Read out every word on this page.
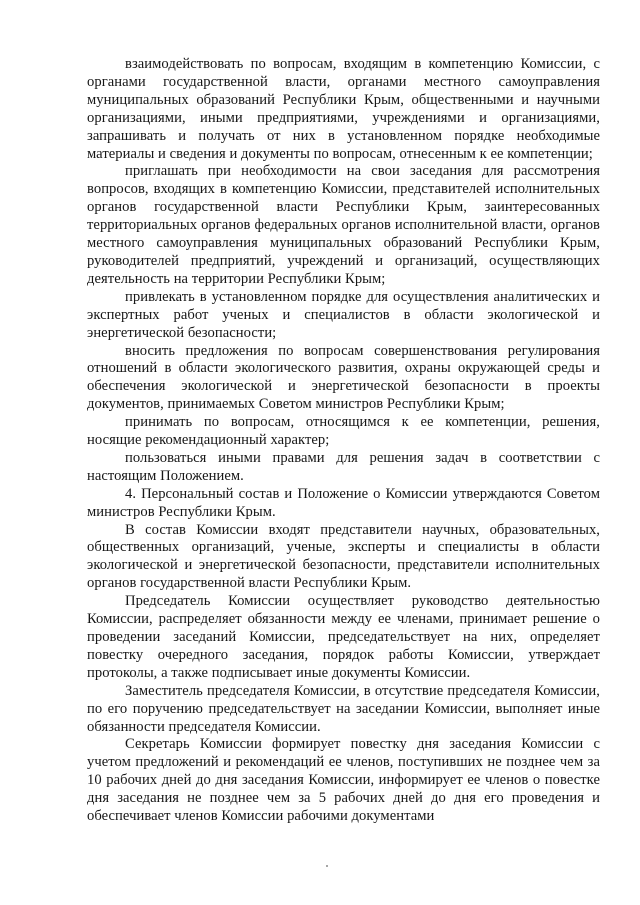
взаимодействовать по вопросам, входящим в компетенцию Комиссии, с органами государственной власти, органами местного самоуправления муниципальных образований Республики Крым, общественными и научными организациями, иными предприятиями, учреждениями и организациями, запрашивать и получать от них в установленном порядке необходимые материалы и сведения и документы по вопросам, отнесенным к ее компетенции;

приглашать при необходимости на свои заседания для рассмотрения вопросов, входящих в компетенцию Комиссии, представителей исполнительных органов государственной власти Республики Крым, заинтересованных территориальных органов федеральных органов исполнительной власти, органов местного самоуправления муниципальных образований Республики Крым, руководителей предприятий, учреждений и организаций, осуществляющих деятельность на территории Республики Крым;

привлекать в установленном порядке для осуществления аналитических и экспертных работ ученых и специалистов в области экологической и энергетической безопасности;

вносить предложения по вопросам совершенствования регулирования отношений в области экологического развития, охраны окружающей среды и обеспечения экологической и энергетической безопасности в проекты документов, принимаемых Советом министров Республики Крым;

принимать по вопросам, относящимся к ее компетенции, решения, носящие рекомендационный характер;

пользоваться иными правами для решения задач в соответствии с настоящим Положением.

4. Персональный состав и Положение о Комиссии утверждаются Советом министров Республики Крым.

В состав Комиссии входят представители научных, образовательных, общественных организаций, ученые, эксперты и специалисты в области экологической и энергетической безопасности, представители исполнительных органов государственной власти Республики Крым.

Председатель Комиссии осуществляет руководство деятельностью Комиссии, распределяет обязанности между ее членами, принимает решение о проведении заседаний Комиссии, председательствует на них, определяет повестку очередного заседания, порядок работы Комиссии, утверждает протоколы, а также подписывает иные документы Комиссии.

Заместитель председателя Комиссии, в отсутствие председателя Комиссии, по его поручению председательствует на заседании Комиссии, выполняет иные обязанности председателя Комиссии.

Секретарь Комиссии формирует повестку дня заседания Комиссии с учетом предложений и рекомендаций ее членов, поступивших не позднее чем за 10 рабочих дней до дня заседания Комиссии, информирует ее членов о повестке дня заседания не позднее чем за 5 рабочих дней до дня его проведения и обеспечивает членов Комиссии рабочими документами
